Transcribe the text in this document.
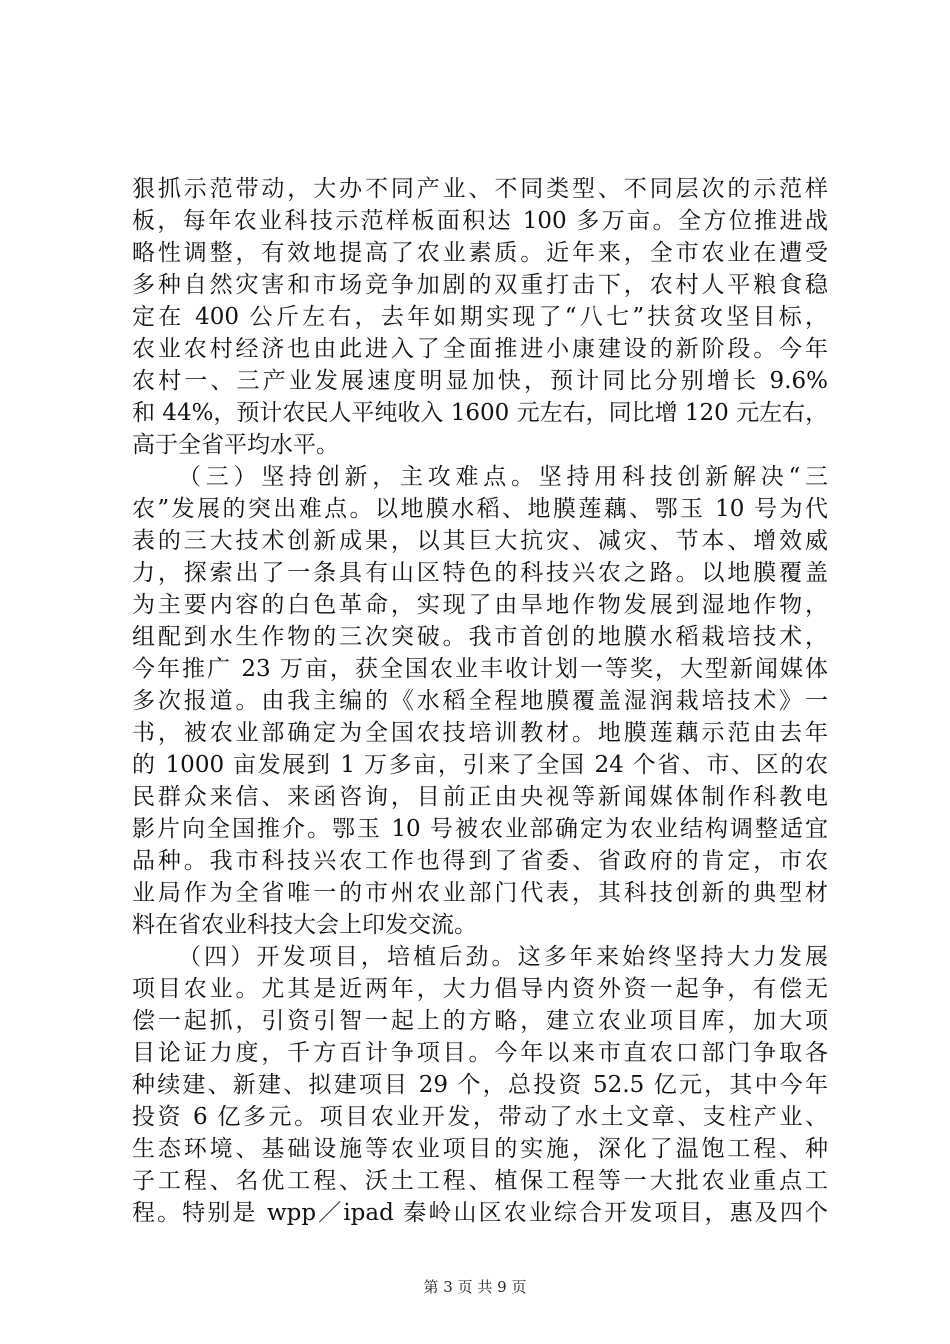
狠抓示范带动，大办不同产业、不同类型、不同层次的示范样
板，每年农业科技示范样板面积达 100 多万亩。全方位推进战
略性调整，有效地提高了农业素质。近年来，全市农业在遭受
多种自然灾害和市场竞争加剧的双重打击下，农村人平粮食稳
定在 400 公斤左右，去年如期实现了“八七”扶贫攻坚目标，
农业农村经济也由此进入了全面推进小康建设的新阶段。今年
农村一、三产业发展速度明显加快，预计同比分别增长 9.6%
和 44%，预计农民人平纯收入 1600 元左右，同比增 120 元左右，
高于全省平均水平。
（三）坚持创新，主攻难点。坚持用科技创新解决“三
农”发展的突出难点。以地膜水稻、地膜莲藕、鄂玉 10 号为代
表的三大技术创新成果，以其巨大抗灾、减灾、节本、增效威
力，探索出了一条具有山区特色的科技兴农之路。以地膜覆盖
为主要内容的白色革命，实现了由旱地作物发展到湿地作物，
组配到水生作物的三次突破。我市首创的地膜水稻栽培技术，
今年推广 23 万亩，获全国农业丰收计划一等奖，大型新闻媒体
多次报道。由我主编的《水稻全程地膜覆盖湿润栽培技术》一
书，被农业部确定为全国农技培训教材。地膜莲藕示范由去年
的 1000 亩发展到 1 万多亩，引来了全国 24 个省、市、区的农
民群众来信、来函咨询，目前正由央视等新闻媒体制作科教电
影片向全国推介。鄂玉 10 号被农业部确定为农业结构调整适宜
品种。我市科技兴农工作也得到了省委、省政府的肯定，市农
业局作为全省唯一的市州农业部门代表，其科技创新的典型材
料在省农业科技大会上印发交流。
（四）开发项目，培植后劲。这多年来始终坚持大力发展
项目农业。尤其是近两年，大力倡导内资外资一起争，有偿无
偿一起抓，引资引智一起上的方略，建立农业项目库，加大项
目论证力度，千方百计争项目。今年以来市直农口部门争取各
种续建、新建、拟建项目 29 个，总投资 52.5 亿元，其中今年
投资 6 亿多元。项目农业开发，带动了水土文章、支柱产业、
生态环境、基础设施等农业项目的实施，深化了温饱工程、种
子工程、名优工程、沃土工程、植保工程等一大批农业重点工
程。特别是 wpp／ipad 秦岭山区农业综合开发项目，惠及四个
第 3 页 共 9 页
